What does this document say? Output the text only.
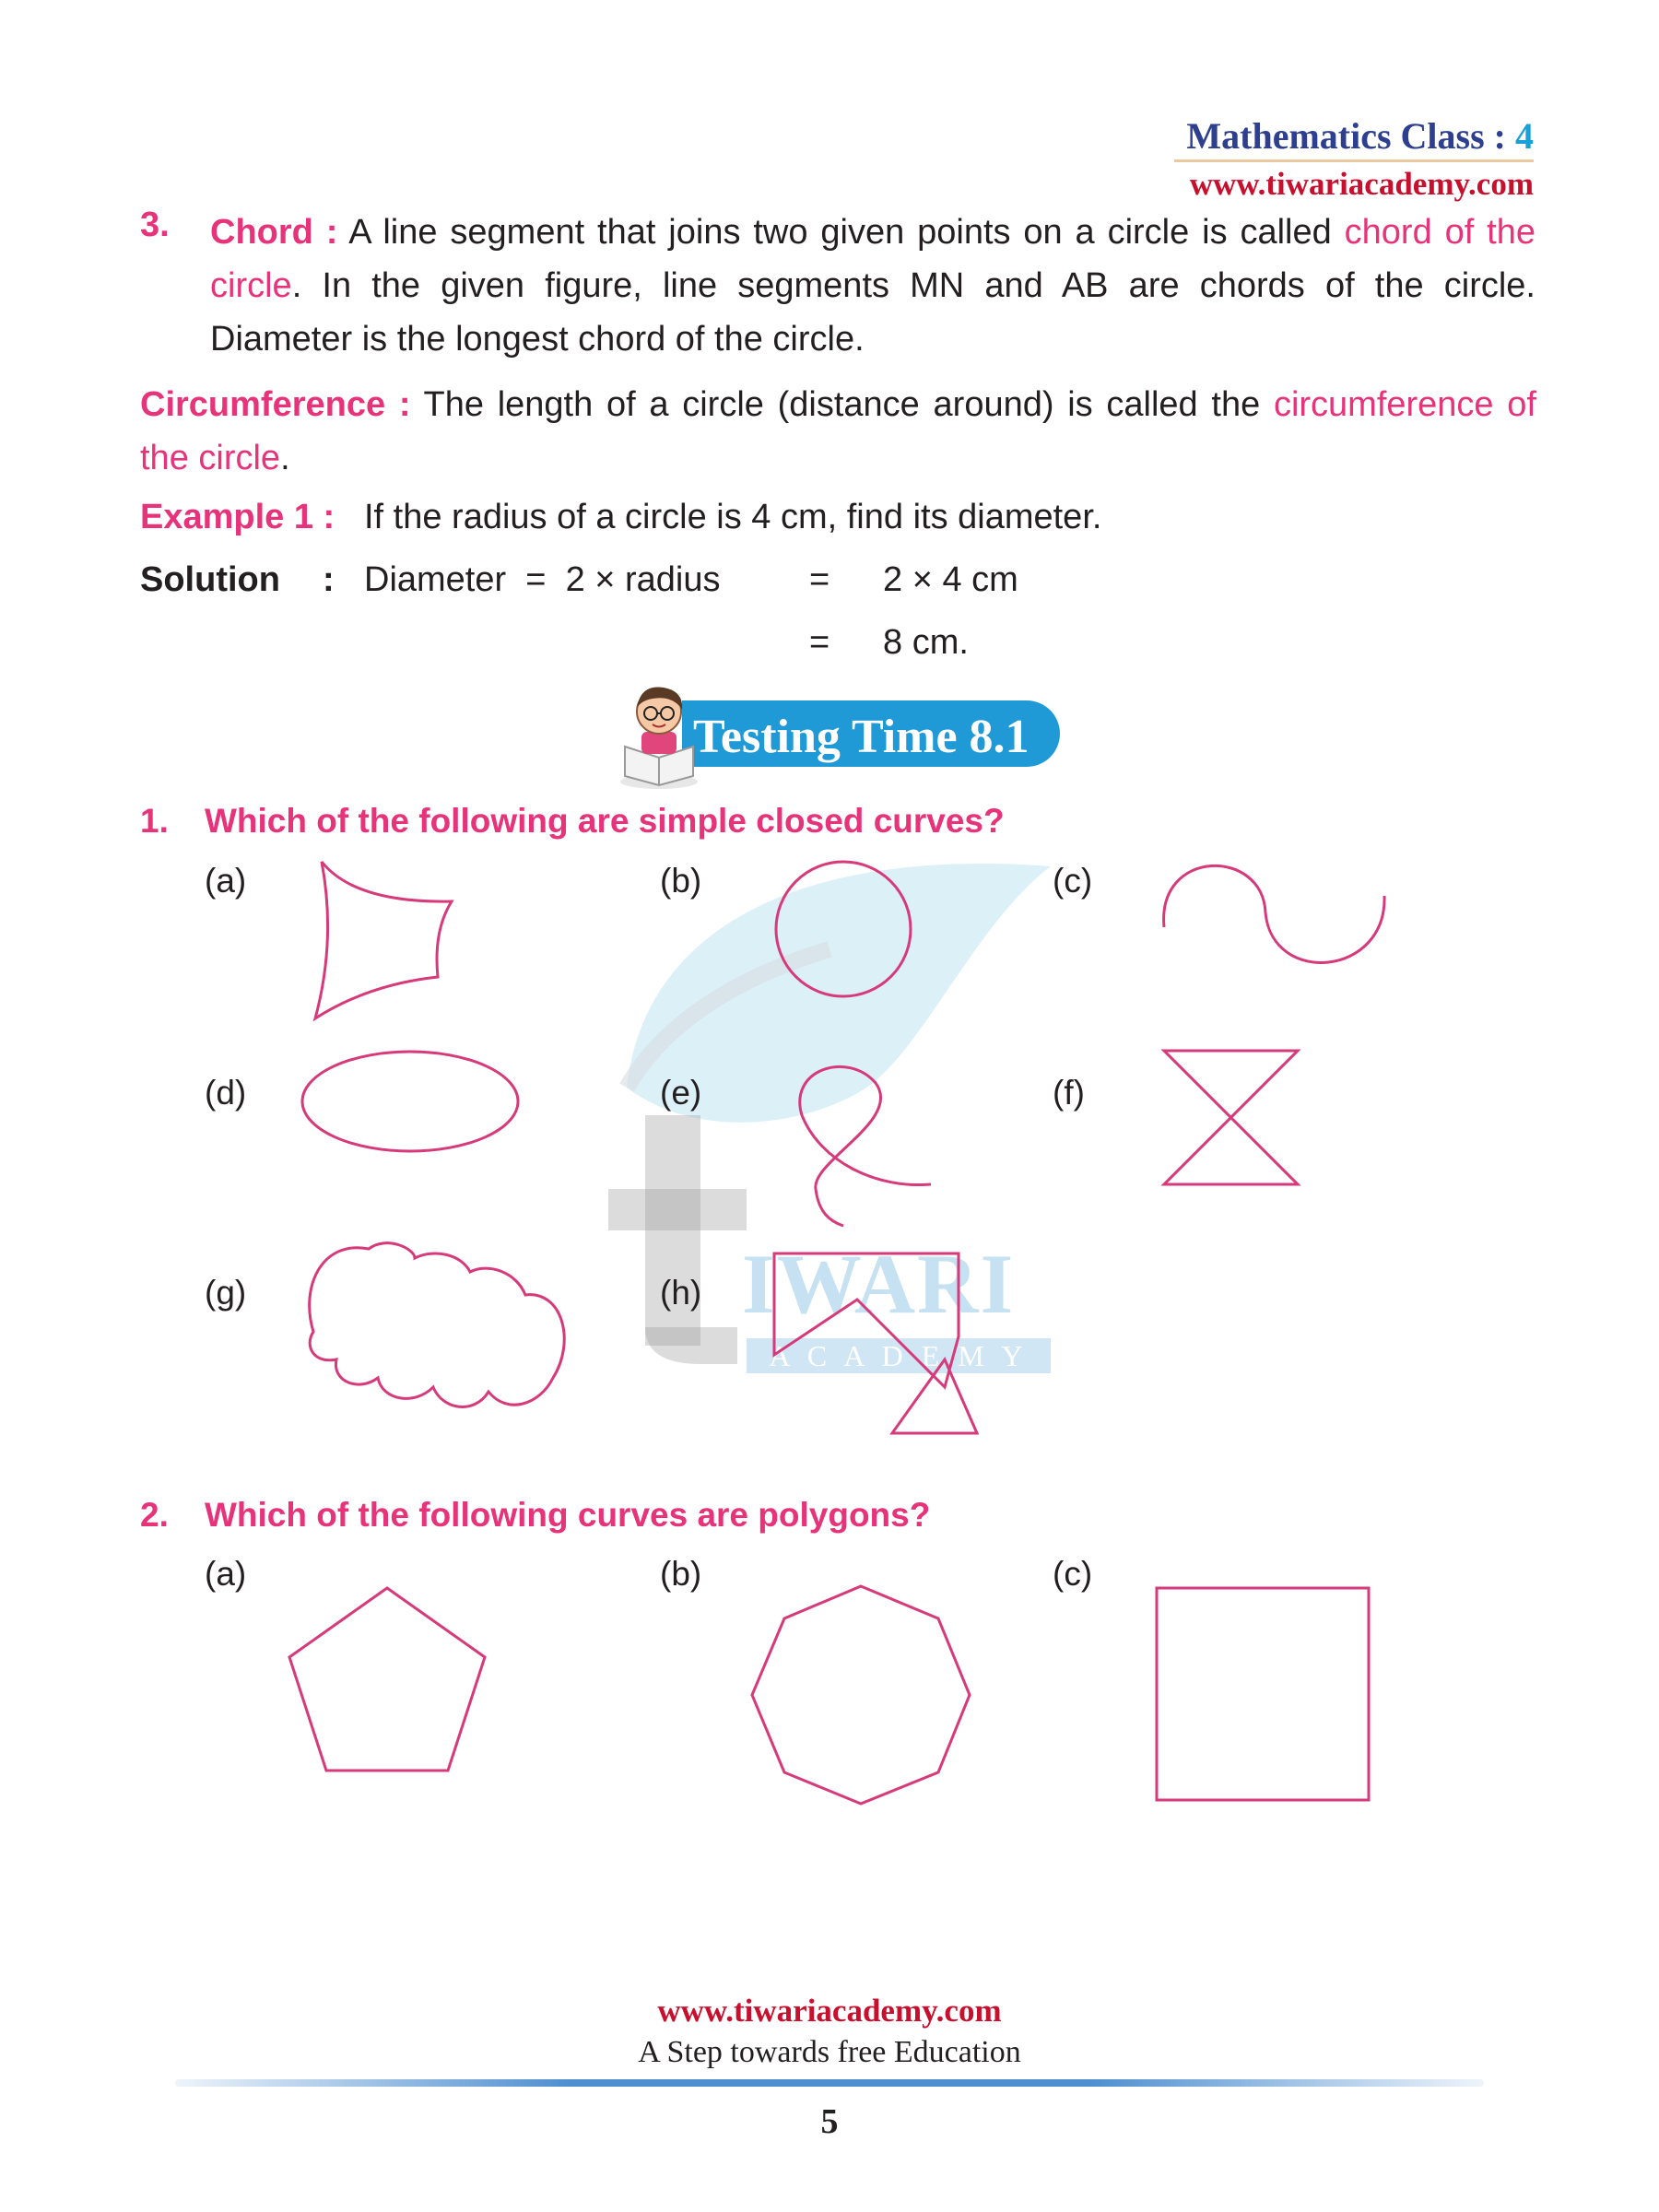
IWARI
A C A D E M Y
Mathematics Class : 4
www.tiwariacademy.com
3. Chord : A line segment that joins two given points on a circle is called chord of the circle. In the given figure, line segments MN and AB are chords of the circle. Diameter is the longest chord of the circle.
Circumference : The length of a circle (distance around) is called the circumference of the circle.
Example 1 : If the radius of a circle is 4 cm, find its diameter.
Solution : Diameter  =  2 × radius	= 2 × 4 cm
= 8 cm.
Testing Time 8.1
1. Which of the following are simple closed curves?
(a)	(b)	(c)
(d)	(e)	(f)
(g)	(h)
2. Which of the following curves are polygons?
(a)	(b)	(c)
www.tiwariacademy.com
A Step towards free Education
5
